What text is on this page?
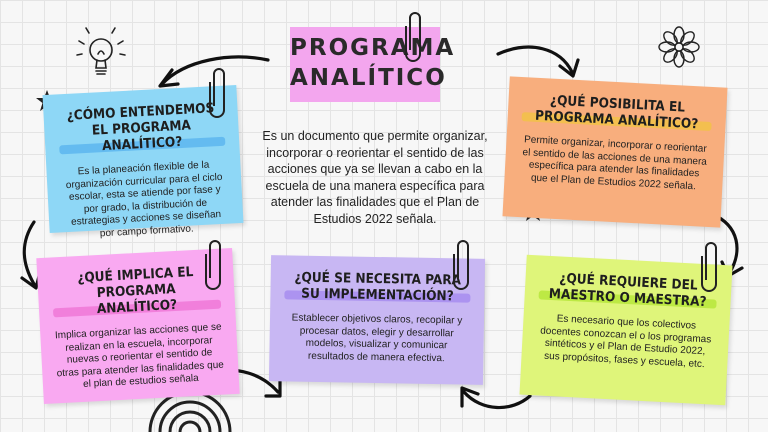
PROGRAMA
ANALÍTICO
Es un documento que permite organizar, incorporar o reorientar el sentido de las acciones que ya se llevan a cabo en la escuela de una manera específica para atender las finalidades que el Plan de Estudios 2022 señala.
¿CÓMO ENTENDEMOS EL PROGRAMA ANALÍTICO?
Es la planeación flexible de la organización curricular para el ciclo escolar, esta se atiende por fase y por grado, la distribución de estrategias y acciones se diseñan por campo formativo.
¿QUÉ POSIBILITA EL PROGRAMA ANALÍTICO?
Permite organizar, incorporar o reorientar el sentido de las acciones de una manera específica para atender las finalidades que el Plan de Estudios 2022 señala.
¿QUÉ IMPLICA EL PROGRAMA ANALÍTICO?
Implica organizar las acciones que se realizan en la escuela, incorporar nuevas o reorientar el sentido de otras para atender las finalidades que el plan de estudios señala
¿QUÉ SE NECESITA PARA SU IMPLEMENTACIÓN?
Establecer objetivos claros, recopilar y procesar datos, elegir y desarrollar modelos, visualizar y comunicar resultados de manera efectiva.
¿QUÉ REQUIERE DEL MAESTRO O MAESTRA?
Es necesario que los colectivos docentes conozcan el o los programas sintéticos y el Plan de Estudio 2022, sus propósitos, fases y escuela, etc.
